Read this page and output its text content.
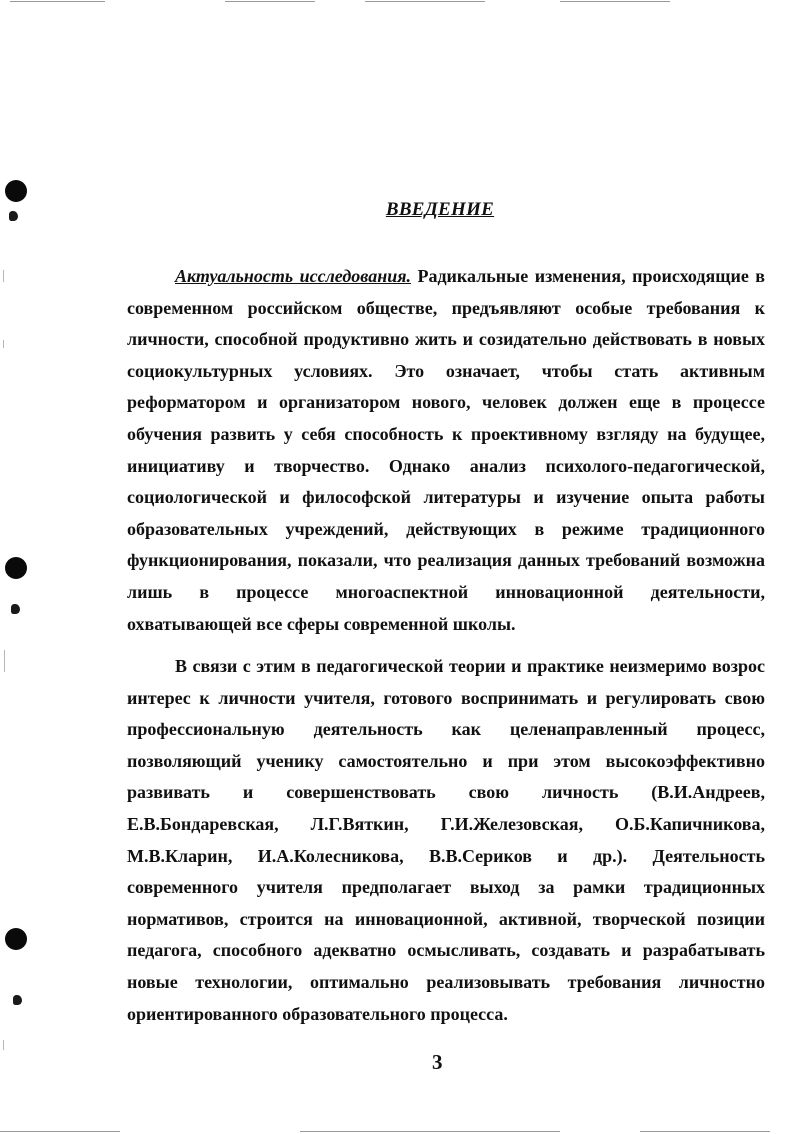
ВВЕДЕНИЕ

Актуальность исследования. Радикальные изменения, происходящие в современном российском обществе, предъявляют особые требования к личности, способной продуктивно жить и созидательно действовать в новых социокультурных условиях. Это означает, чтобы стать активным реформатором и организатором нового, человек должен еще в процессе обучения развить у себя способность к проективному взгляду на будущее, инициативу и творчество. Однако анализ психолого-педагогической, социологической и философской литературы и изучение опыта работы образовательных учреждений, действующих в режиме традиционного функционирования, показали, что реализация данных требований возможна лишь в процессе многоаспектной инновационной деятельности, охватывающей все сферы современной школы.

В связи с этим в педагогической теории и практике неизмеримо возрос интерес к личности учителя, готового воспринимать и регулировать свою профессиональную деятельность как целенаправленный процесс, позволяющий ученику самостоятельно и при этом высокоэффективно развивать и совершенствовать свою личность (В.И.Андреев, Е.В.Бондаревская, Л.Г.Вяткин, Г.И.Железовская, О.Б.Капичникова, М.В.Кларин, И.А.Колесникова, В.В.Сериков и др.). Деятельность современного учителя предполагает выход за рамки традиционных нормативов, строится на инновационной, активной, творческой позиции педагога, способного адекватно осмысливать, создавать и разрабатывать новые технологии, оптимально реализовывать требования личностно ориентированного образовательного процесса.

3
